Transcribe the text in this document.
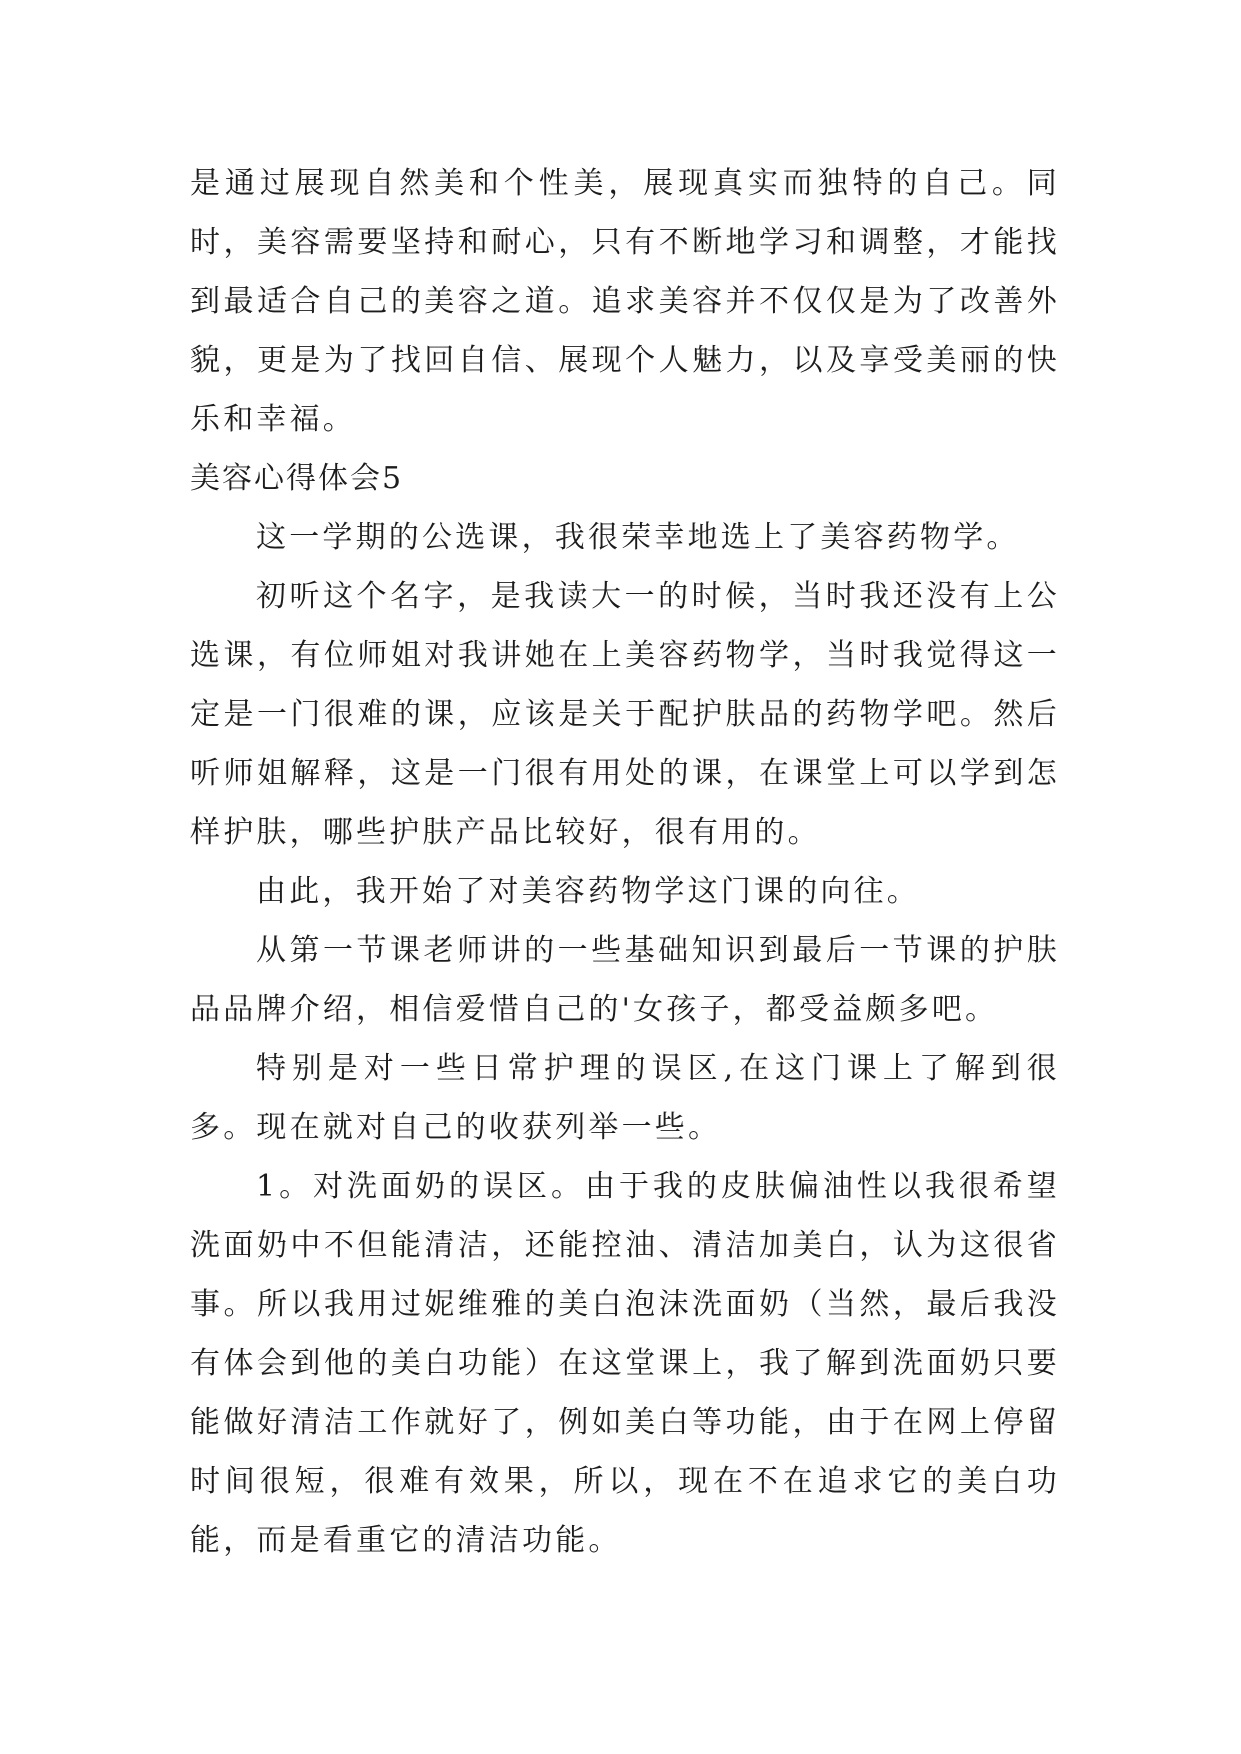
是通过展现自然美和个性美，展现真实而独特的自己。同时，美容需要坚持和耐心，只有不断地学习和调整，才能找到最适合自己的美容之道。追求美容并不仅仅是为了改善外貌，更是为了找回自信、展现个人魅力，以及享受美丽的快乐和幸福。

美容心得体会5

这一学期的公选课，我很荣幸地选上了美容药物学。

初听这个名字，是我读大一的时候，当时我还没有上公选课，有位师姐对我讲她在上美容药物学，当时我觉得这一定是一门很难的课，应该是关于配护肤品的药物学吧。然后听师姐解释，这是一门很有用处的课，在课堂上可以学到怎样护肤，哪些护肤产品比较好，很有用的。

由此，我开始了对美容药物学这门课的向往。

从第一节课老师讲的一些基础知识到最后一节课的护肤品品牌介绍，相信爱惜自己的'女孩子，都受益颇多吧。

特别是对一些日常护理的误区,在这门课上了解到很多。现在就对自己的收获列举一些。

1。对洗面奶的误区。由于我的皮肤偏油性以我很希望洗面奶中不但能清洁，还能控油、清洁加美白，认为这很省事。所以我用过妮维雅的美白泡沫洗面奶（当然，最后我没有体会到他的美白功能）在这堂课上，我了解到洗面奶只要能做好清洁工作就好了，例如美白等功能，由于在网上停留时间很短，很难有效果，所以，现在不在追求它的美白功能，而是看重它的清洁功能。
